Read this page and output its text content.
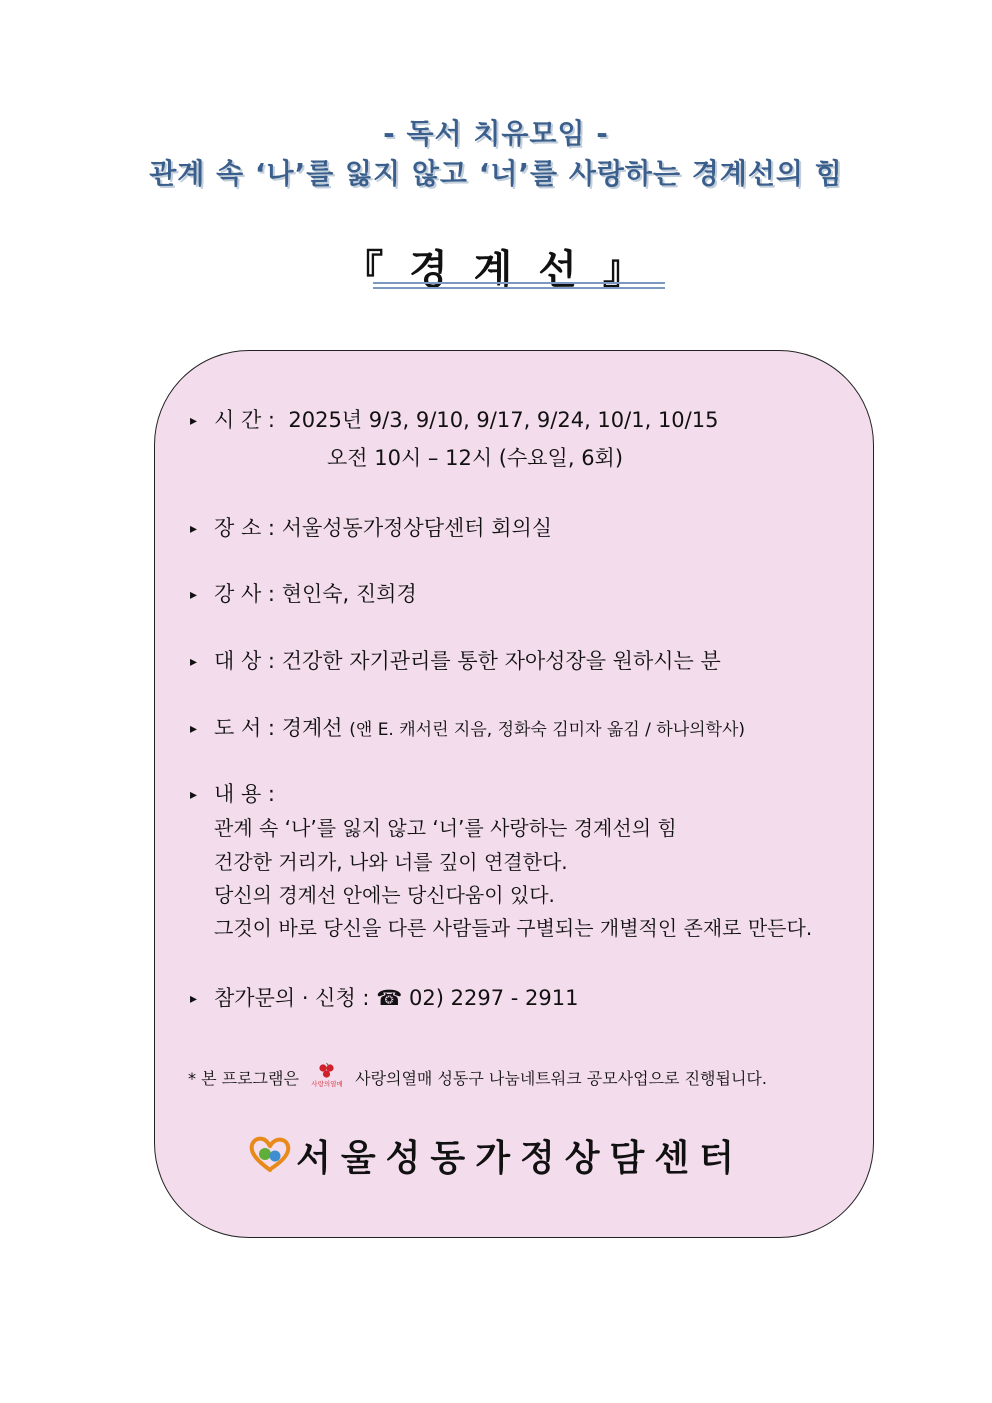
- 독서 치유모임 -
관계 속 ‘나’를 잃지 않고 ‘너’를 사랑하는 경계선의 힘
『 경 계 선 』
▸ 시 간 : 2025년 9/3, 9/10, 9/17, 9/24, 10/1, 10/15
오전 10시 – 12시 (수요일, 6회)
▸ 장 소 : 서울성동가정상담센터 회의실
▸ 강 사 : 현인숙, 진희경
▸ 대 상 : 건강한 자기관리를 통한 자아성장을 원하시는 분
▸ 도 서 : 경계선 (앤 E. 캐서린 지음, 정화숙 김미자 옮김 / 하나의학사)
▸ 내 용 :
관계 속 ‘나’를 잃지 않고 ‘너’를 사랑하는 경계선의 힘
건강한 거리가, 나와 너를 깊이 연결한다.
당신의 경계선 안에는 당신다움이 있다.
그것이 바로 당신을 다른 사람들과 구별되는 개별적인 존재로 만든다.
▸ 참가문의 · 신청 : ☎ 02) 2297 - 2911
* 본 프로그램은 사랑의열매 사랑의열매 성동구 나눔네트워크 공모사업으로 진행됩니다.
서울성동가정상담센터
